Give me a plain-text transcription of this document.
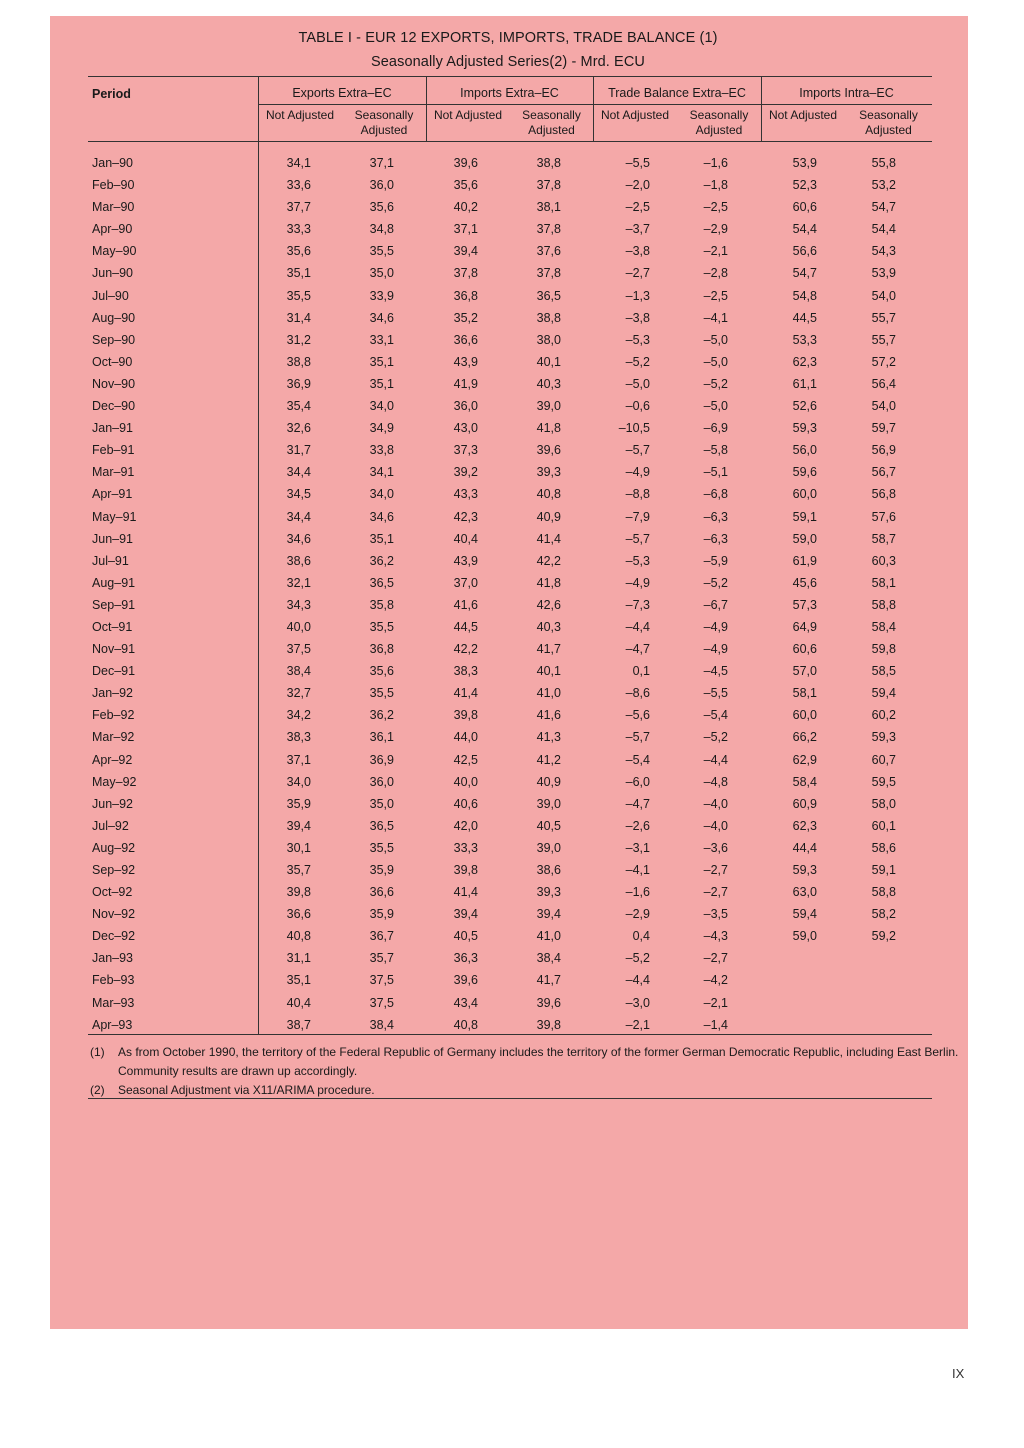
TABLE I - EUR 12 EXPORTS, IMPORTS, TRADE BALANCE (1)
Seasonally Adjusted Series(2) - Mrd. ECU
Period	Exports Extra–EC	Imports Extra–EC	Trade Balance Extra–EC	Imports Intra–EC
Not Adjusted	Seasonally
Adjusted
Not Adjusted	Seasonally
Adjusted
Not Adjusted	Seasonally
Adjusted
Not Adjusted	Seasonally
Adjusted
Jan–90	34,1	37,1	39,6	38,8	–5,5	–1,6	53,9	55,8
Feb–90	33,6	36,0	35,6	37,8	–2,0	–1,8	52,3	53,2
Mar–90	37,7	35,6	40,2	38,1	–2,5	–2,5	60,6	54,7
Apr–90	33,3	34,8	37,1	37,8	–3,7	–2,9	54,4	54,4
May–90	35,6	35,5	39,4	37,6	–3,8	–2,1	56,6	54,3
Jun–90	35,1	35,0	37,8	37,8	–2,7	–2,8	54,7	53,9
Jul–90	35,5	33,9	36,8	36,5	–1,3	–2,5	54,8	54,0
Aug–90	31,4	34,6	35,2	38,8	–3,8	–4,1	44,5	55,7
Sep–90	31,2	33,1	36,6	38,0	–5,3	–5,0	53,3	55,7
Oct–90	38,8	35,1	43,9	40,1	–5,2	–5,0	62,3	57,2
Nov–90	36,9	35,1	41,9	40,3	–5,0	–5,2	61,1	56,4
Dec–90	35,4	34,0	36,0	39,0	–0,6	–5,0	52,6	54,0
Jan–91	32,6	34,9	43,0	41,8	–10,5	–6,9	59,3	59,7
Feb–91	31,7	33,8	37,3	39,6	–5,7	–5,8	56,0	56,9
Mar–91	34,4	34,1	39,2	39,3	–4,9	–5,1	59,6	56,7
Apr–91	34,5	34,0	43,3	40,8	–8,8	–6,8	60,0	56,8
May–91	34,4	34,6	42,3	40,9	–7,9	–6,3	59,1	57,6
Jun–91	34,6	35,1	40,4	41,4	–5,7	–6,3	59,0	58,7
Jul–91	38,6	36,2	43,9	42,2	–5,3	–5,9	61,9	60,3
Aug–91	32,1	36,5	37,0	41,8	–4,9	–5,2	45,6	58,1
Sep–91	34,3	35,8	41,6	42,6	–7,3	–6,7	57,3	58,8
Oct–91	40,0	35,5	44,5	40,3	–4,4	–4,9	64,9	58,4
Nov–91	37,5	36,8	42,2	41,7	–4,7	–4,9	60,6	59,8
Dec–91	38,4	35,6	38,3	40,1	0,1	–4,5	57,0	58,5
Jan–92	32,7	35,5	41,4	41,0	–8,6	–5,5	58,1	59,4
Feb–92	34,2	36,2	39,8	41,6	–5,6	–5,4	60,0	60,2
Mar–92	38,3	36,1	44,0	41,3	–5,7	–5,2	66,2	59,3
Apr–92	37,1	36,9	42,5	41,2	–5,4	–4,4	62,9	60,7
May–92	34,0	36,0	40,0	40,9	–6,0	–4,8	58,4	59,5
Jun–92	35,9	35,0	40,6	39,0	–4,7	–4,0	60,9	58,0
Jul–92	39,4	36,5	42,0	40,5	–2,6	–4,0	62,3	60,1
Aug–92	30,1	35,5	33,3	39,0	–3,1	–3,6	44,4	58,6
Sep–92	35,7	35,9	39,8	38,6	–4,1	–2,7	59,3	59,1
Oct–92	39,8	36,6	41,4	39,3	–1,6	–2,7	63,0	58,8
Nov–92	36,6	35,9	39,4	39,4	–2,9	–3,5	59,4	58,2
Dec–92	40,8	36,7	40,5	41,0	0,4	–4,3	59,0	59,2
Jan–93	31,1	35,7	36,3	38,4	–5,2	–2,7
Feb–93	35,1	37,5	39,6	41,7	–4,4	–4,2
Mar–93	40,4	37,5	43,4	39,6	–3,0	–2,1
Apr–93	38,7	38,4	40,8	39,8	–2,1	–1,4
(1) As from October 1990, the territory of the Federal Republic of Germany includes the territory of the former German Democratic Republic, including East Berlin.
Community results are drawn up accordingly.
(2) Seasonal Adjustment via X11/ARIMA procedure.
IX
